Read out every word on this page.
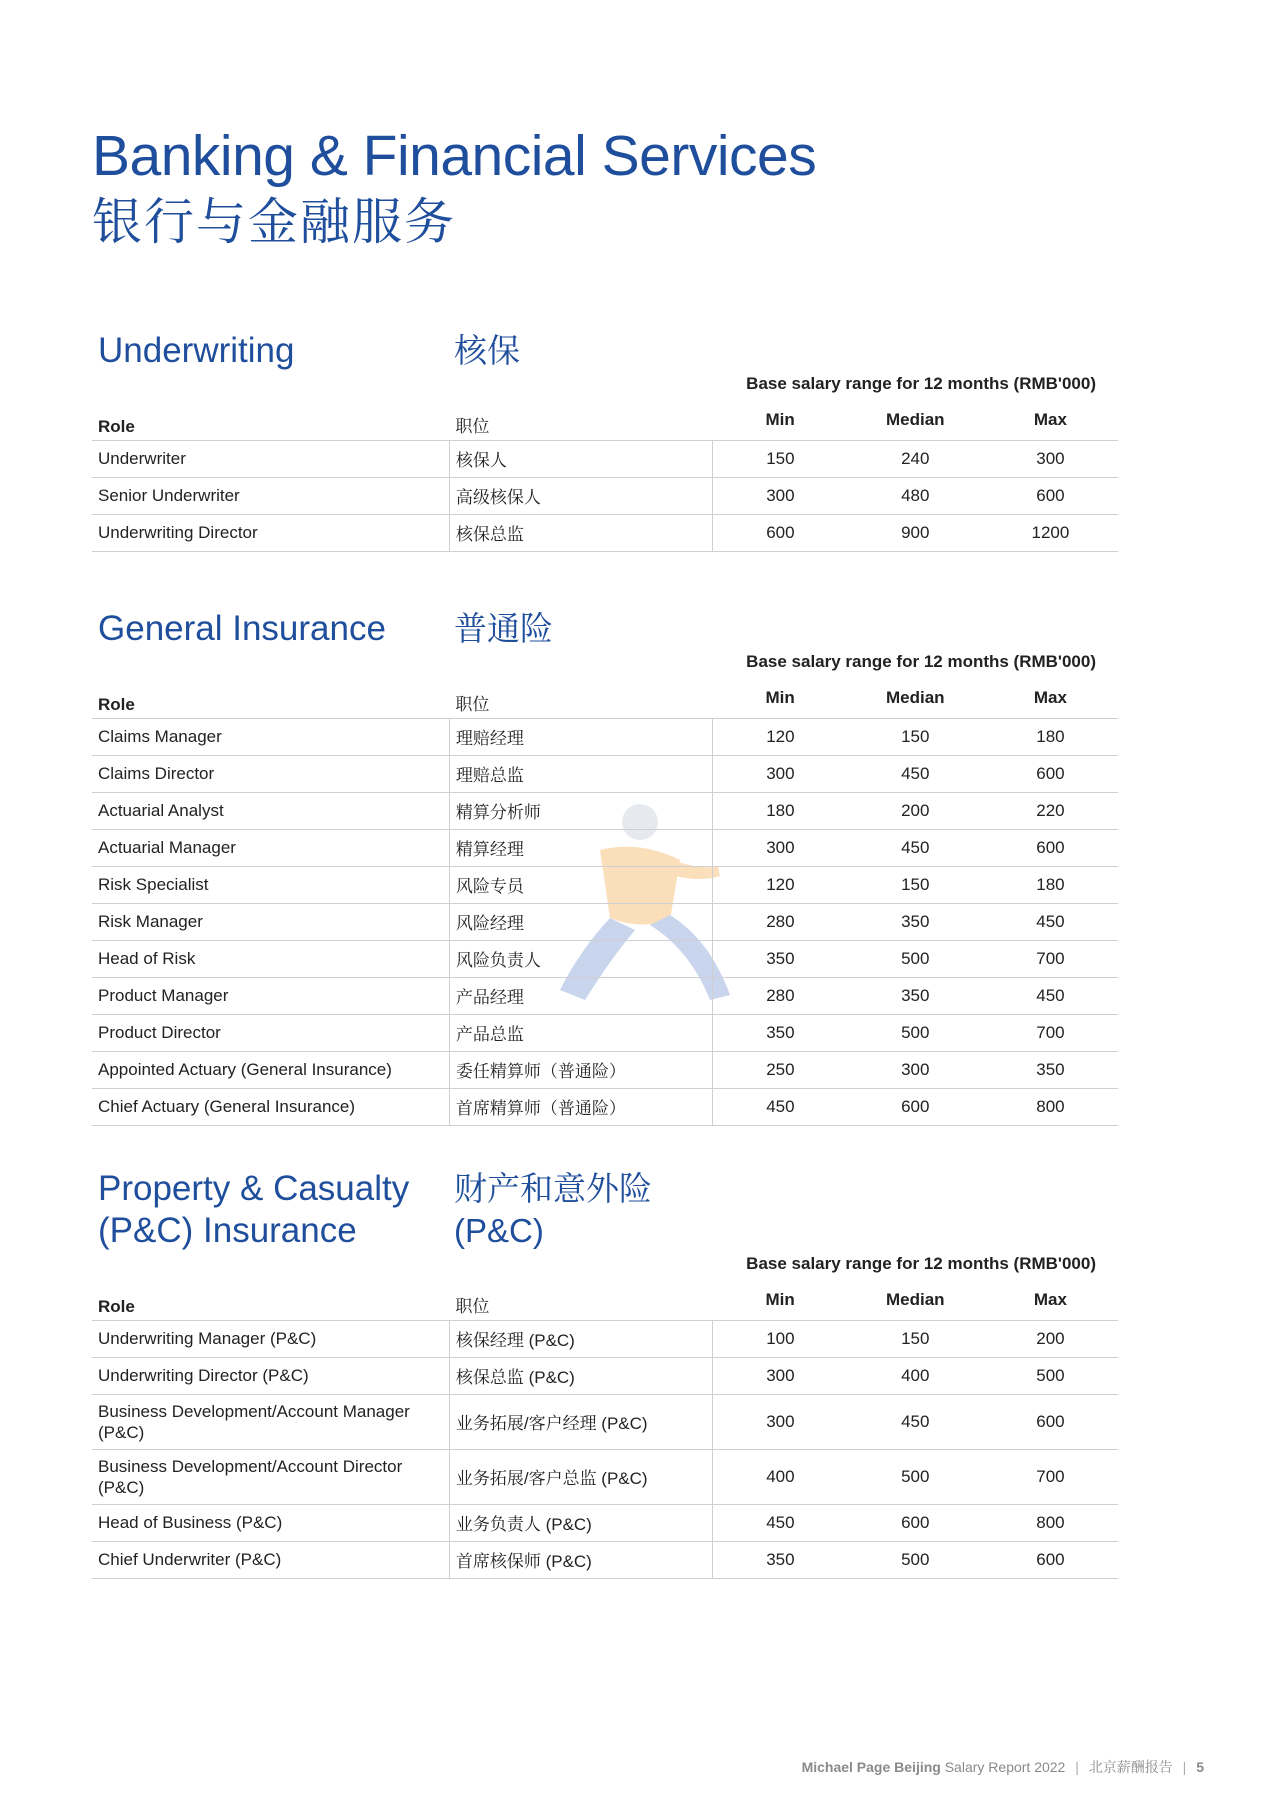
Banking & Financial Services
银行与金融服务
Underwriting	核保
Base salary range for 12 months (RMB'000)
Role	职位	Min	Median	Max
Underwriter	核保人	150	240	300
Senior Underwriter	高级核保人	300	480	600
Underwriting Director	核保总监	600	900	1200
General Insurance 普通险
Base salary range for 12 months (RMB'000)
Role	职位	Min	Median	Max
Claims Manager	理赔经理	120	150	180
Claims Director	理赔总监	300	450	600
Actuarial Analyst	精算分析师	180	200	220
Actuarial Manager	精算经理	300	450	600
Risk Specialist	风险专员	120	150	180
Risk Manager	风险经理	280	350	450
Head of Risk	风险负责人	350	500	700
Product Manager	产品经理	280	350	450
Product Director	产品总监	350	500	700
Appointed Actuary (General Insurance)	委任精算师（普通险）	250	300	350
Chief Actuary (General Insurance)	首席精算师（普通险）	450	600	800
Property & Casualty
(P&C) Insurance
财产和意外险
(P&C)
Base salary range for 12 months (RMB'000)
Role	职位	Min	Median	Max
Underwriting Manager (P&C)	核保经理 (P&C)	100	150	200
Underwriting Director (P&C)	核保总监 (P&C)	300	400	500
Business Development/Account Manager (P&C)	业务拓展/客户经理 (P&C)	300	450	600
Business Development/Account Director (P&C)	业务拓展/客户总监 (P&C)	400	500	700
Head of Business (P&C)	业务负责人 (P&C)	450	600	800
Chief Underwriter (P&C)	首席核保师 (P&C)	350	500	600
Michael Page Beijing Salary Report 2022 | 北京薪酬报告 | 5
